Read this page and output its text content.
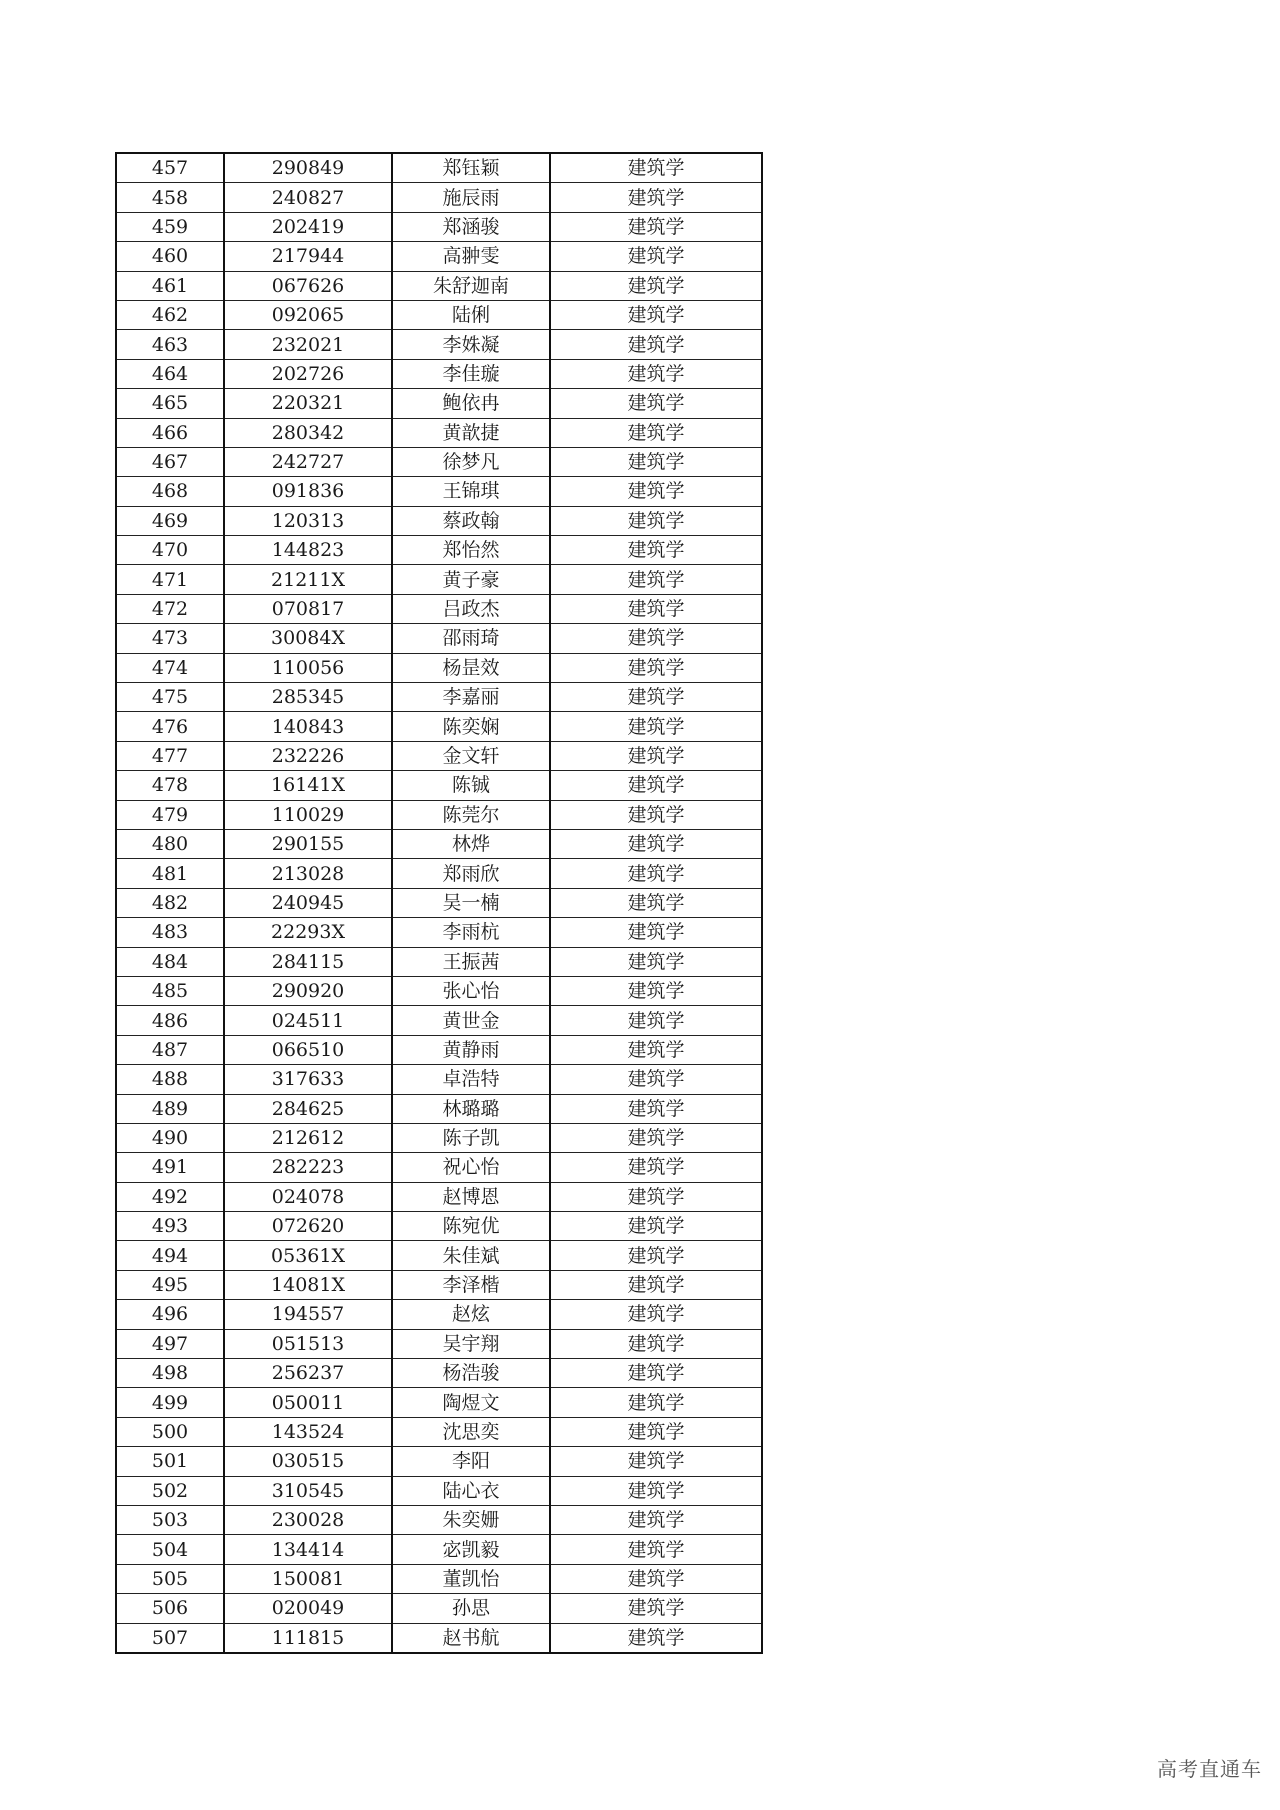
457	290849	郑钰颖	建筑学
458	240827	施辰雨	建筑学
459	202419	郑涵骏	建筑学
460	217944	高翀雯	建筑学
461	067626	朱舒迦南	建筑学
462	092065	陆俐	建筑学
463	232021	李姝凝	建筑学
464	202726	李佳璇	建筑学
465	220321	鲍依冉	建筑学
466	280342	黄歆捷	建筑学
467	242727	徐梦凡	建筑学
468	091836	王锦琪	建筑学
469	120313	蔡政翰	建筑学
470	144823	郑怡然	建筑学
471	21211X	黄子豪	建筑学
472	070817	吕政杰	建筑学
473	30084X	邵雨琦	建筑学
474	110056	杨昰效	建筑学
475	285345	李嘉丽	建筑学
476	140843	陈奕娴	建筑学
477	232226	金文轩	建筑学
478	16141X	陈铖	建筑学
479	110029	陈莞尔	建筑学
480	290155	林烨	建筑学
481	213028	郑雨欣	建筑学
482	240945	吴一楠	建筑学
483	22293X	李雨杭	建筑学
484	284115	王振茜	建筑学
485	290920	张心怡	建筑学
486	024511	黄世金	建筑学
487	066510	黄静雨	建筑学
488	317633	卓浩特	建筑学
489	284625	林璐璐	建筑学
490	212612	陈子凯	建筑学
491	282223	祝心怡	建筑学
492	024078	赵博恩	建筑学
493	072620	陈宛优	建筑学
494	05361X	朱佳斌	建筑学
495	14081X	李泽楷	建筑学
496	194557	赵炫	建筑学
497	051513	吴宇翔	建筑学
498	256237	杨浩骏	建筑学
499	050011	陶煜文	建筑学
500	143524	沈思奕	建筑学
501	030515	李阳	建筑学
502	310545	陆心衣	建筑学
503	230028	朱奕姗	建筑学
504	134414	宓凯毅	建筑学
505	150081	董凯怡	建筑学
506	020049	孙思	建筑学
507	111815	赵书航	建筑学
高考直通车
